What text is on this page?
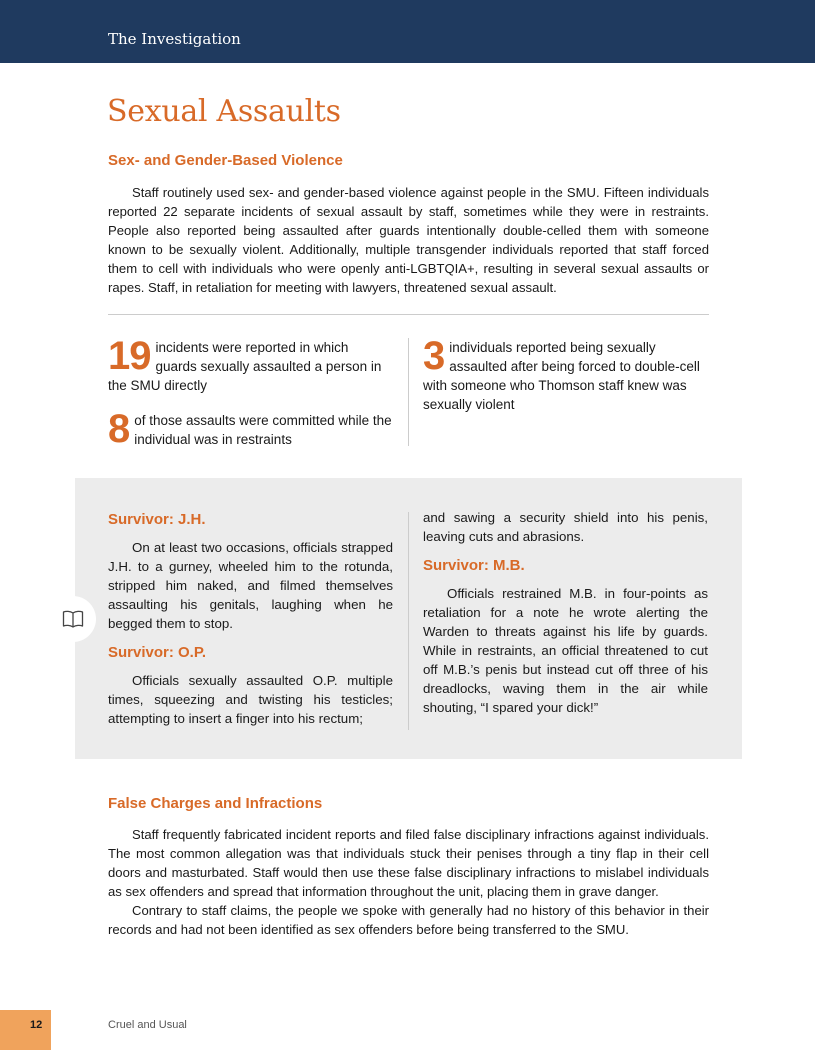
The Investigation
Sexual Assaults
Sex- and Gender-Based Violence

Staff routinely used sex- and gender-based violence against people in the SMU. Fifteen individuals reported 22 separate incidents of sexual assault by staff, sometimes while they were in restraints. People also reported being assaulted after guards intentionally double-celled them with someone known to be sexually violent. Additionally, multiple transgender individuals reported that staff forced them to cell with individuals who were openly anti-LGBTQIA+, resulting in several sexual assaults or rapes. Staff, in retaliation for meeting with lawyers, threatened sexual assault.

19 incidents were reported in which guards sexually assaulted a person in the SMU directly
8 of those assaults were committed while the individual was in restraints
3 individuals reported being sexually assaulted after being forced to double-cell with someone who Thomson staff knew was sexually violent
Survivor: J.H.

On at least two occasions, officials strapped J.H. to a gurney, wheeled him to the rotunda, stripped him naked, and filmed themselves assaulting his genitals, laughing when he begged them to stop.

Survivor: O.P.

Officials sexually assaulted O.P. multiple times, squeezing and twisting his testicles; attempting to insert a finger into his rectum;

and sawing a security shield into his penis, leaving cuts and abrasions.

Survivor: M.B.

Officials restrained M.B. in four-points as retaliation for a note he wrote alerting the Warden to threats against his life by guards. While in restraints, an official threatened to cut off M.B.’s penis but instead cut off three of his dreadlocks, waving them in the air while shouting, “I spared your dick!”

False Charges and Infractions

Staff frequently fabricated incident reports and filed false disciplinary infractions against individuals. The most common allegation was that individuals stuck their penises through a tiny flap in their cell doors and masturbated. Staff would then use these false disciplinary infractions to mislabel individuals as sex offenders and spread that information throughout the unit, placing them in grave danger.

Contrary to staff claims, the people we spoke with generally had no history of this behavior in their records and had not been identified as sex offenders before being transferred to the SMU.

12	Cruel and Usual
